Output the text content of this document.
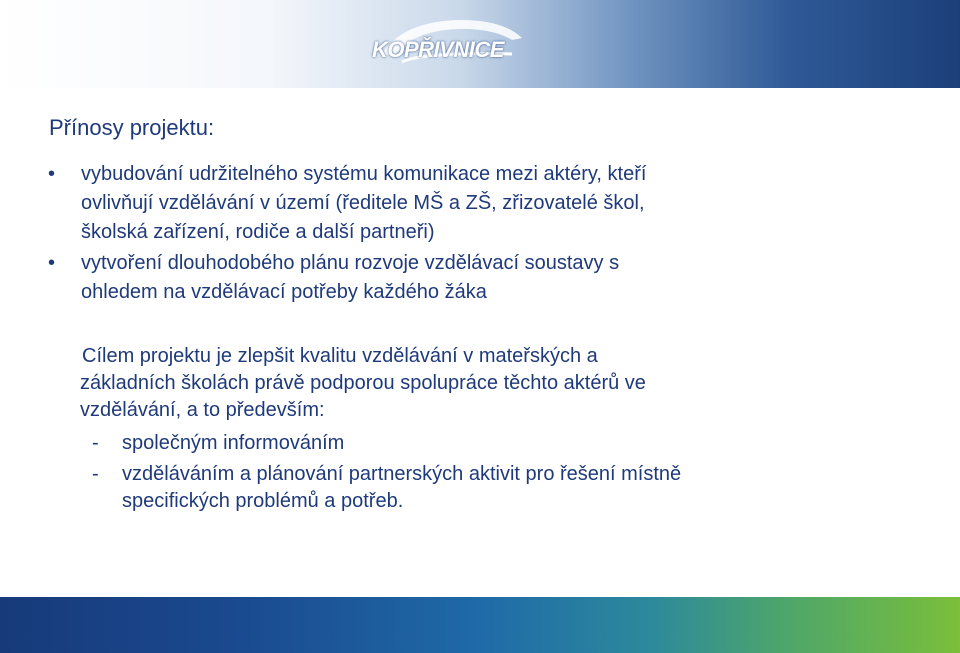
KOPŘIVNICE
Přínosy projektu:
• vybudování udržitelného systému komunikace mezi aktéry, kteří
ovlivňují vzdělávání v území (ředitele MŠ a ZŠ, zřizovatelé škol,
školská zařízení, rodiče a další partneři)
• vytvoření dlouhodobého plánu rozvoje vzdělávací soustavy s
ohledem na vzdělávací potřeby každého žáka
Cílem projektu je zlepšit kvalitu vzdělávání v mateřských a
základních školách právě podporou spolupráce těchto aktérů ve
vzdělávání, a to především:
- společným informováním
- vzděláváním a plánování partnerských aktivit pro řešení místně
specifických problémů a potřeb.
